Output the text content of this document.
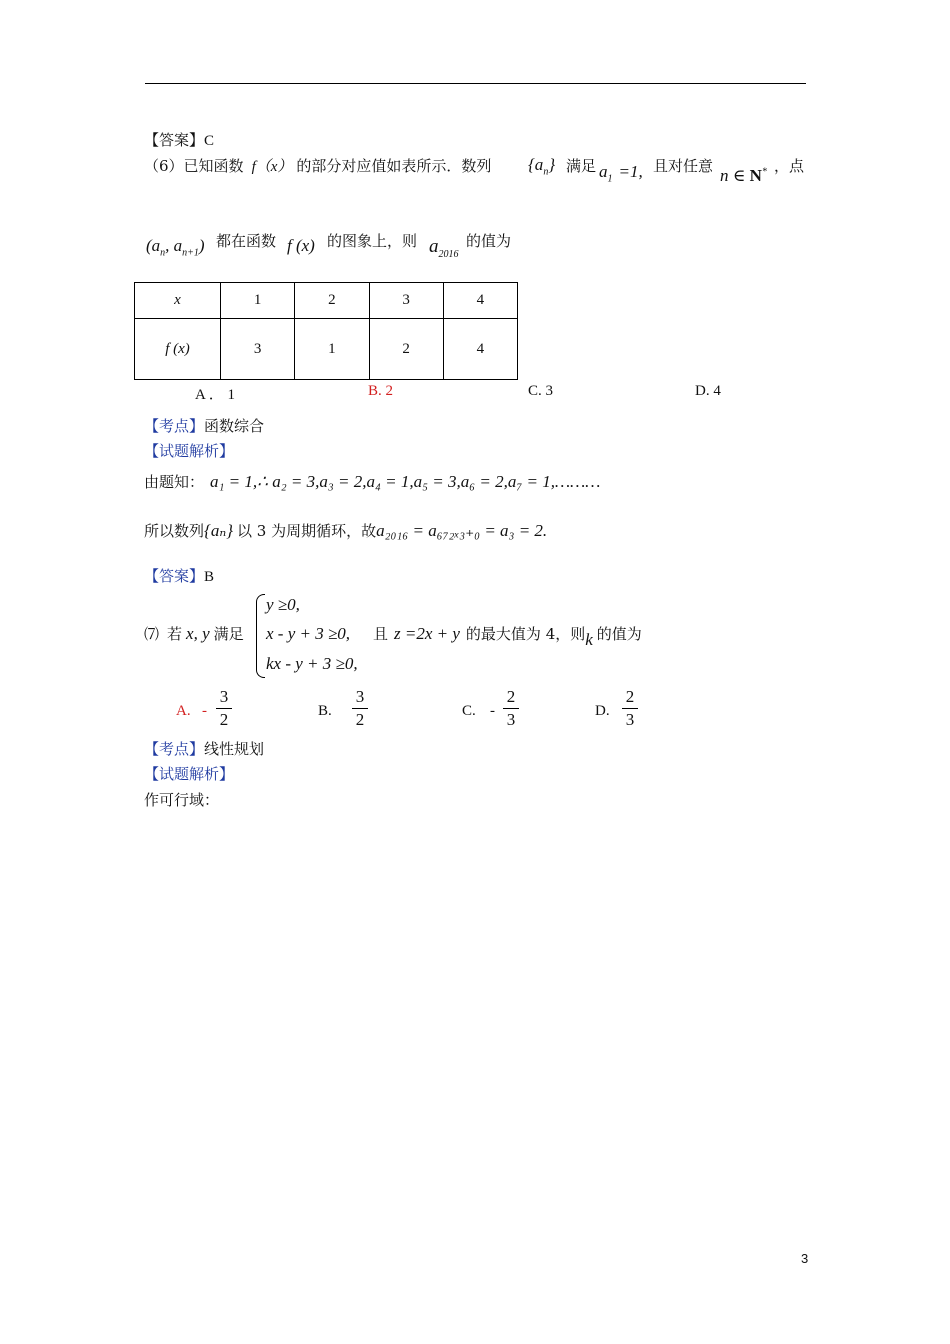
【答案】C
（6）已知函数 f（x） 的部分对应值如表所示．数列 $\{a_n\}$ 满足 $a_1 =1$, 且对任意 n ∈ N* ，点
($a_n$, $a_{n+1}$) 都在函数 f (x) 的图象上，则 $a_{2016}$
的值为
x	1	2	3	4
f (x)	3	1	2	4
A ． 1	B. 2	C. 3	D. 4
【考点】函数综合
【试题解析】
由题知： a₁ = 1,∴ a₂ = 3,a₃ = 2,a₄ = 1,a₅ = 3,a₆ = 2,a₇ = 1,………
所以数列{aₙ} 以 3 为周期循环，故a₂₀₁₆ = a₆₇₂ₓ₃₊₀ = a₃ = 2.
【答案】B
⑺ 若 x, y 满足
y ≥0,
x - y + 3 ≥0,
kx - y + 3 ≥0,
且 z =2x + y 的最大值为 4，则k 的值为
A. -
3
2	B.
3
2	C. -
2
3	D.
2
3
【考点】线性规划
【试题解析】
作可行域：
3
